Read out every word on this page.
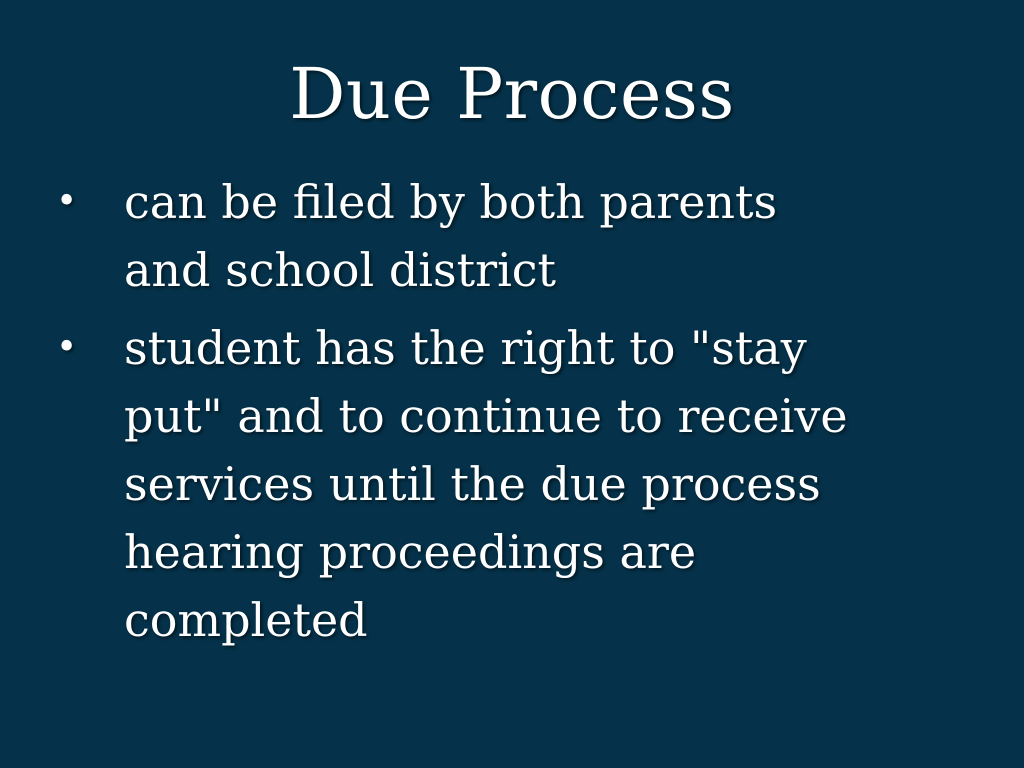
Due Process
• can be filed by both parents
and school district
• student has the right to "stay
put" and to continue to receive
services until the due process
hearing proceedings are
completed
